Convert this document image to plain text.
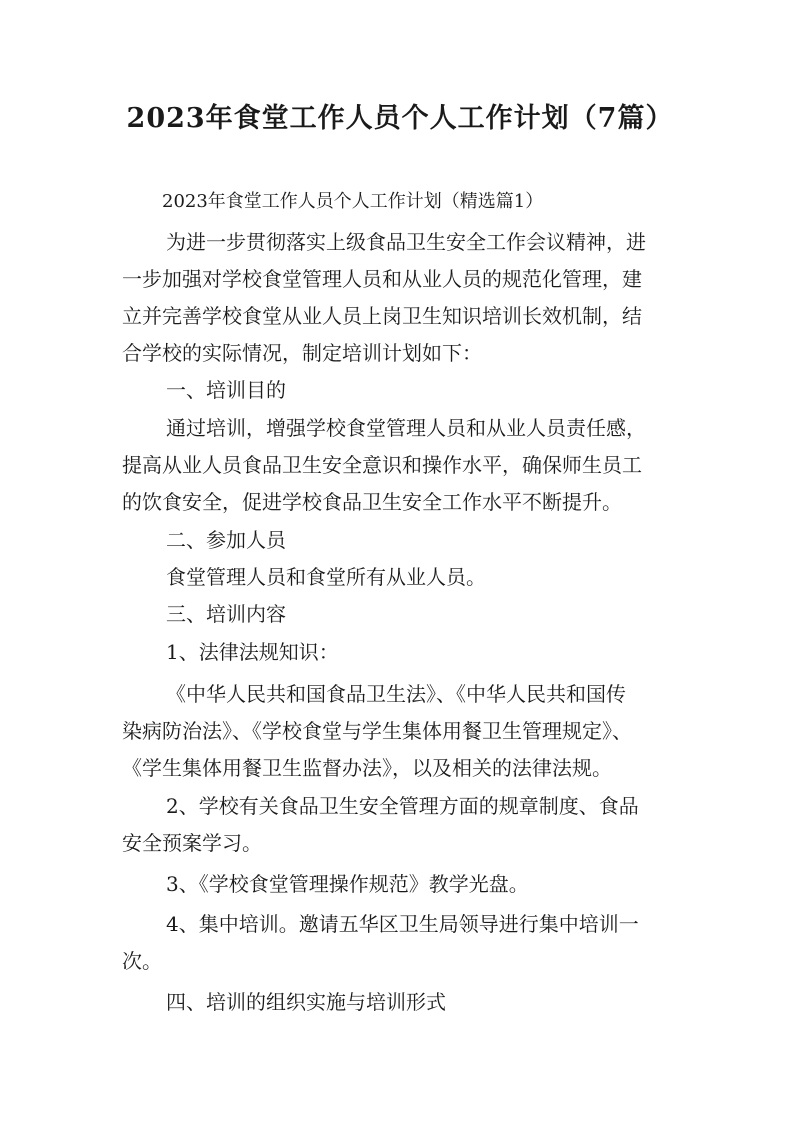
2023年食堂工作人员个人工作计划（7篇）
2023年食堂工作人员个人工作计划（精选篇1）
为进一步贯彻落实上级食品卫生安全工作会议精神，进
一步加强对学校食堂管理人员和从业人员的规范化管理，建
立并完善学校食堂从业人员上岗卫生知识培训长效机制，结
合学校的实际情况，制定培训计划如下：
一、培训目的
通过培训，增强学校食堂管理人员和从业人员责任感，
提高从业人员食品卫生安全意识和操作水平，确保师生员工
的饮食安全，促进学校食品卫生安全工作水平不断提升。
二、参加人员
食堂管理人员和食堂所有从业人员。
三、培训内容
1、法律法规知识：
《中华人民共和国食品卫生法》、《中华人民共和国传
染病防治法》、《学校食堂与学生集体用餐卫生管理规定》、
《学生集体用餐卫生监督办法》，以及相关的法律法规。
2、学校有关食品卫生安全管理方面的规章制度、食品
安全预案学习。
3、《学校食堂管理操作规范》教学光盘。
4、集中培训。邀请五华区卫生局领导进行集中培训一
次。
四、培训的组织实施与培训形式
